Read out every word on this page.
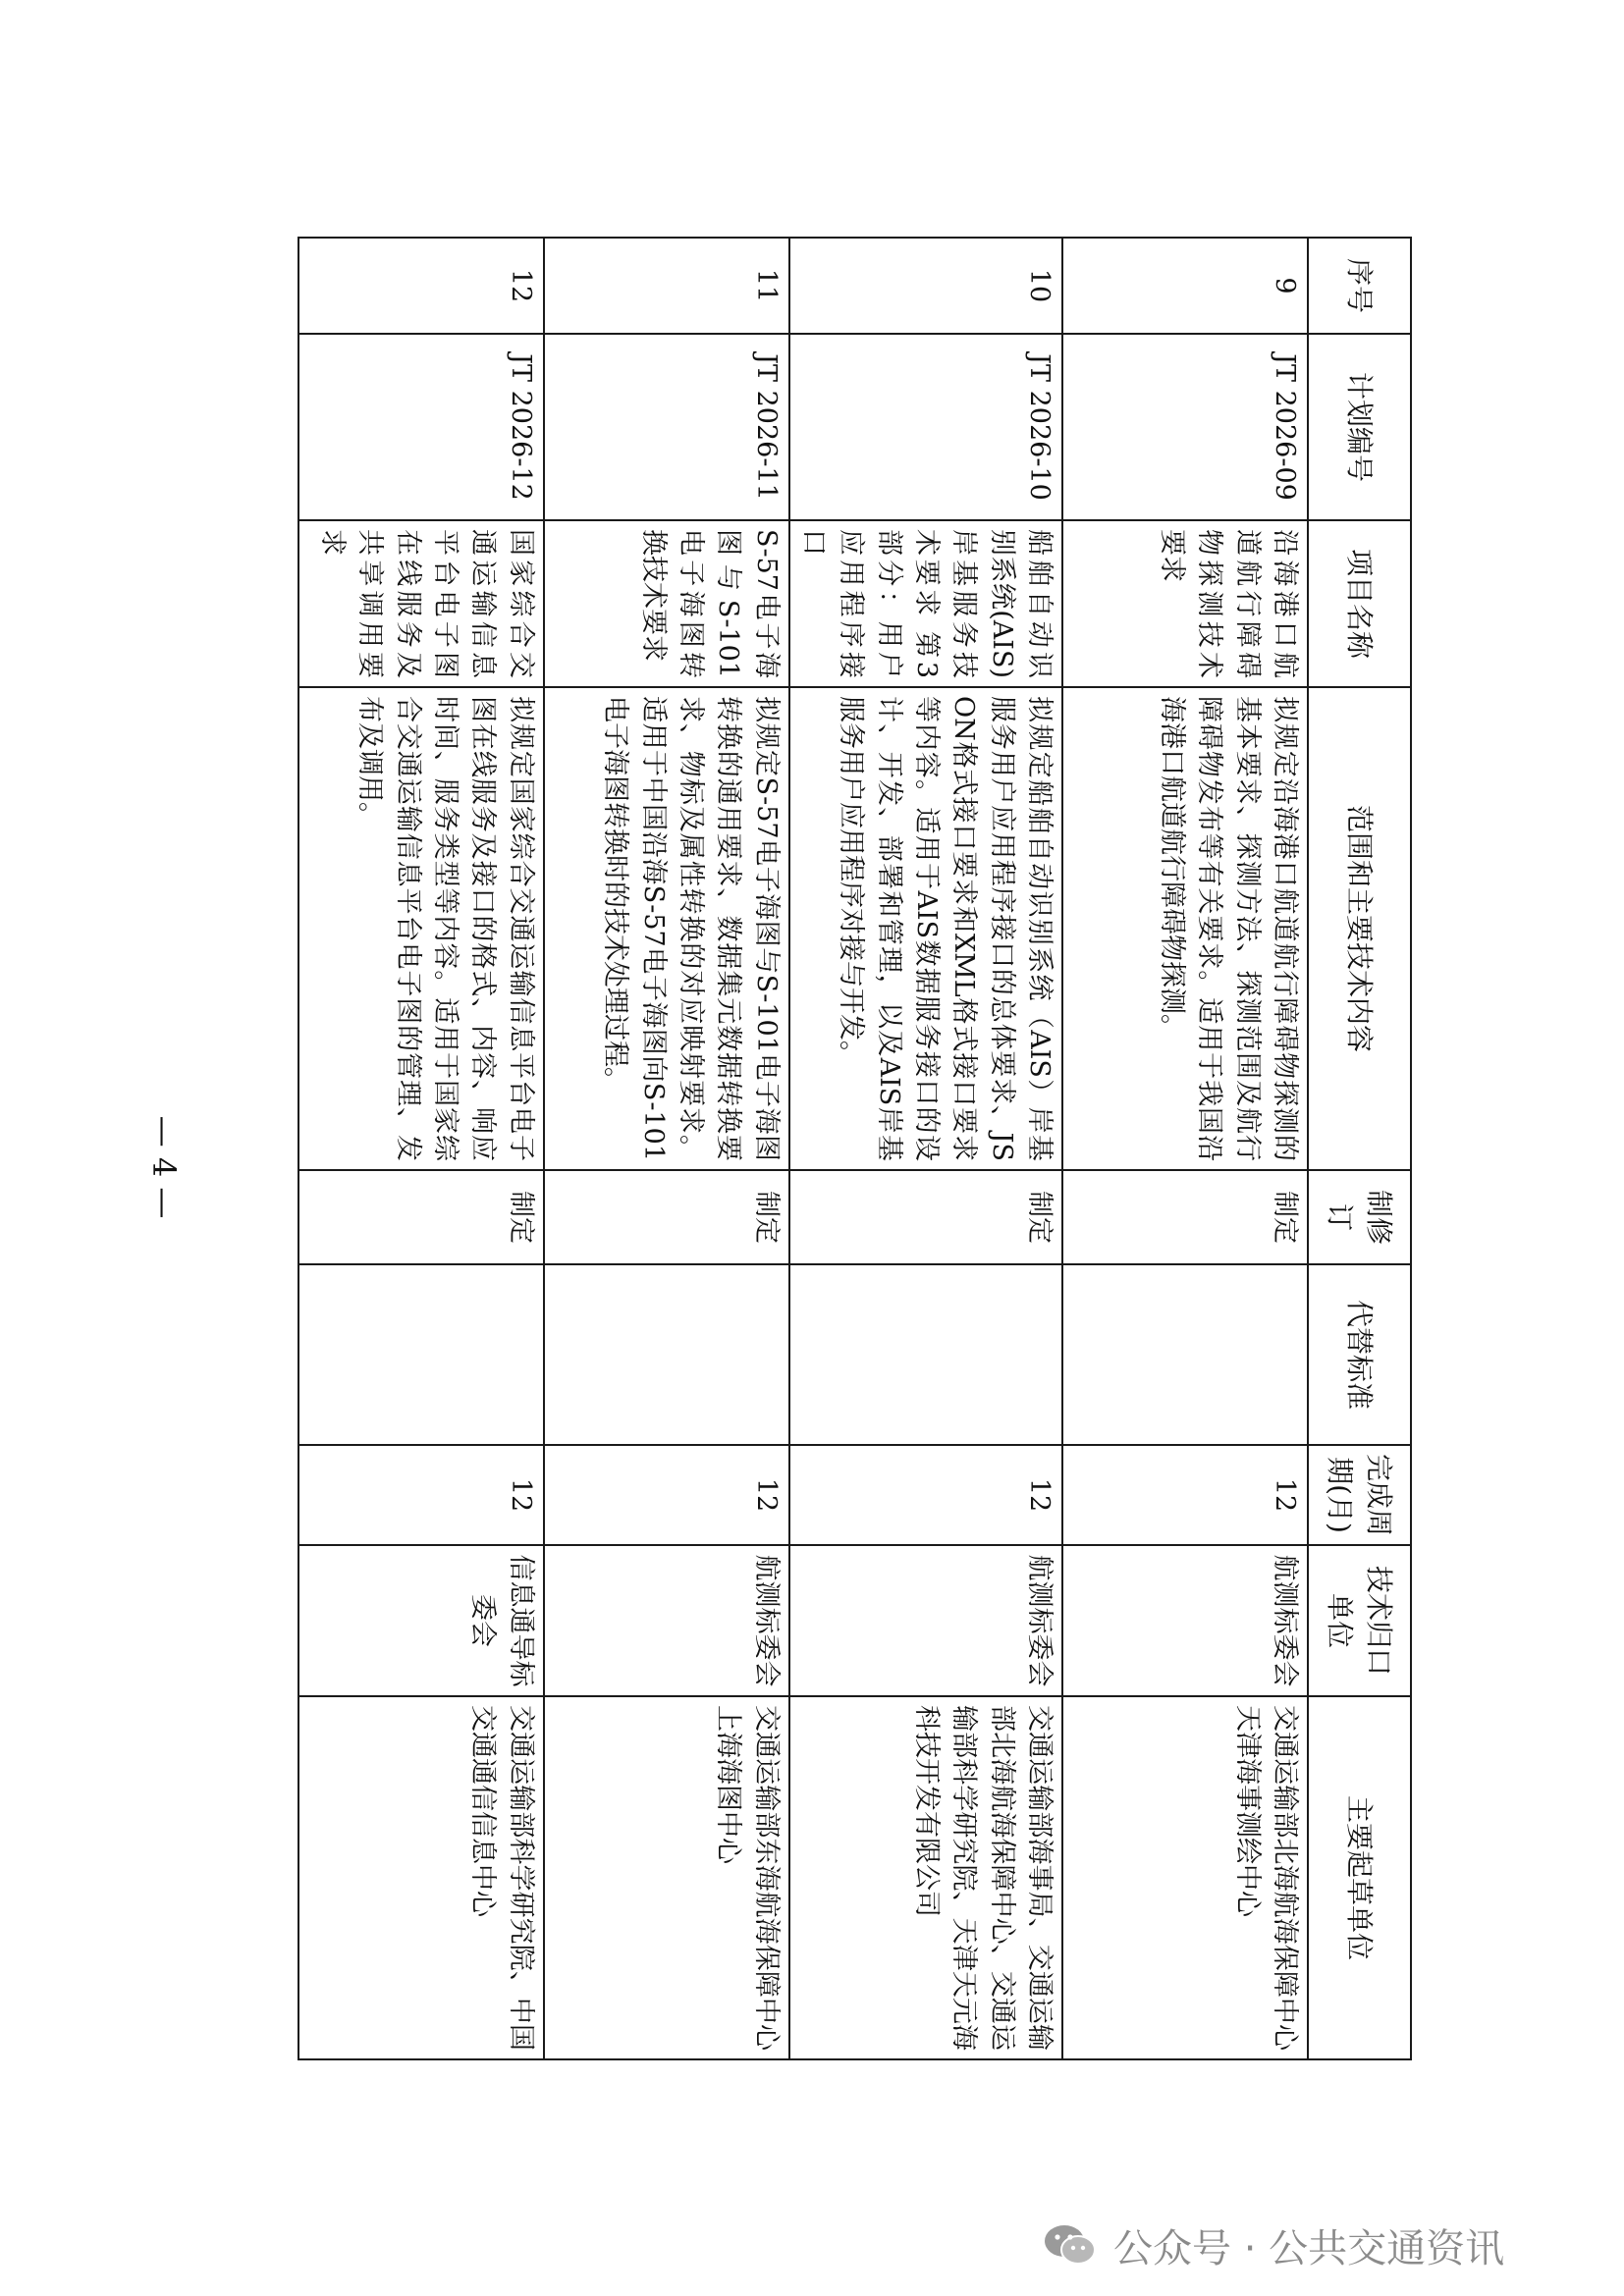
序号	计划编号	项目名称	范围和主要技术内容	制修订	代替标准	完成周期(月)	技术归口单位	主要起草单位
9	JT 2026-09	沿海港口航道航行障碍物探测技术要求	拟规定沿海港口航道航行障碍物探测的基本要求、探测方法、探测范围及航行障碍物发布等有关要求。适用于我国沿海港口航道航行障碍物探测。	制定		12	航测标委会	交通运输部北海航海保障中心天津海事测绘中心
10	JT 2026-10	船舶自动识别系统(AIS)岸基服务技术要求 第3部分：用户应用程序接口	拟规定船舶自动识别系统（AIS）岸基服务用户应用程序接口的总体要求、JSON格式接口要求和XML格式接口要求等内容。适用于AIS数据服务接口的设计、开发、部署和管理，以及AIS岸基服务用户应用程序对接与开发。	制定		12	航测标委会	交通运输部海事局、交通运输部北海航海保障中心、交通运输部科学研究院、天津天元海科技开发有限公司
11	JT 2026-11	S-57电子海图与S-101电子海图转换技术要求	拟规定S-57电子海图与S-101电子海图转换的通用要求、数据集元数据转换要求、物标及属性转换的对应映射要求。适用于中国沿海S-57电子海图向S-101电子海图转换时的技术处理过程。	制定		12	航测标委会	交通运输部东海航海保障中心上海海图中心
12	JT 2026-12	国家综合交通运输信息平台电子图在线服务及共享调用要求	拟规定国家综合交通运输信息平台电子图在线服务及接口的格式、内容、响应时间、服务类型等内容。适用于国家综合交通运输信息平台电子图的管理、发布及调用。	制定		12	信息通导标委会	交通运输部科学研究院、中国交通通信信息中心
— 4 —
公众号 · 公共交通资讯
